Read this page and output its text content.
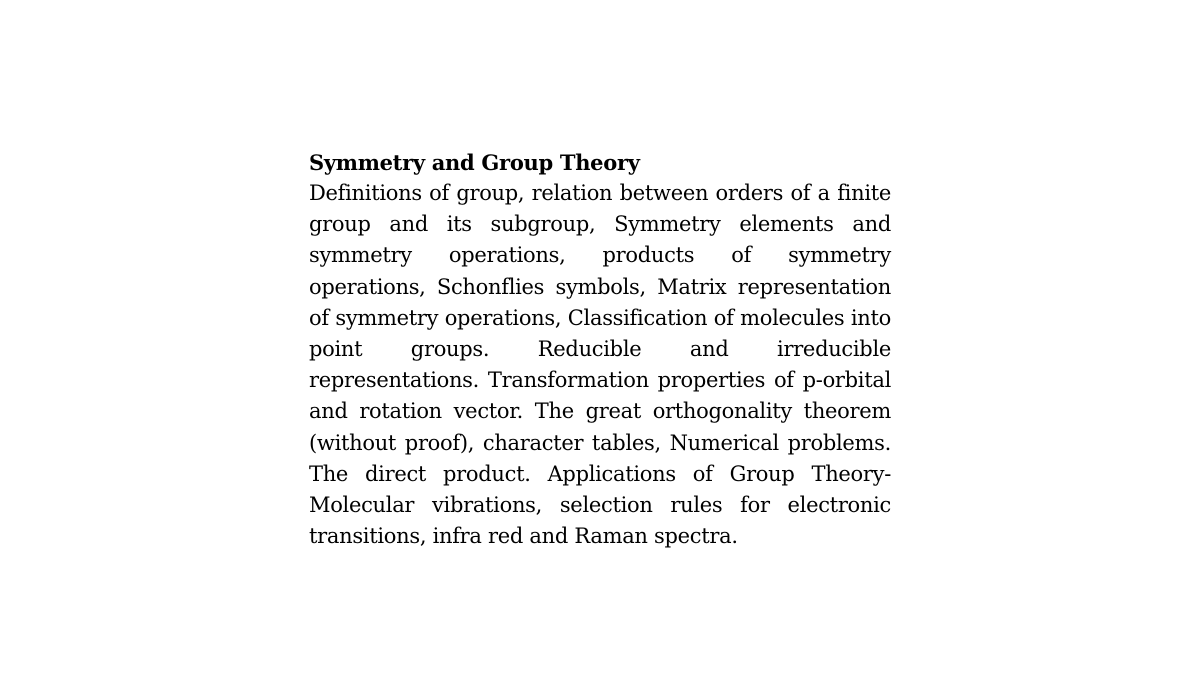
Symmetry and Group Theory

Definitions of group, relation between orders of a finite group and its subgroup, Symmetry elements and symmetry operations, products of symmetry operations, Schonflies symbols, Matrix representation of symmetry operations, Classification of molecules into point groups. Reducible and irreducible representations. Transformation properties of p-orbital and rotation vector. The great orthogonality theorem (without proof), character tables, Numerical problems. The direct product. Applications of Group Theory- Molecular vibrations, selection rules for electronic transitions, infra red and Raman spectra.
